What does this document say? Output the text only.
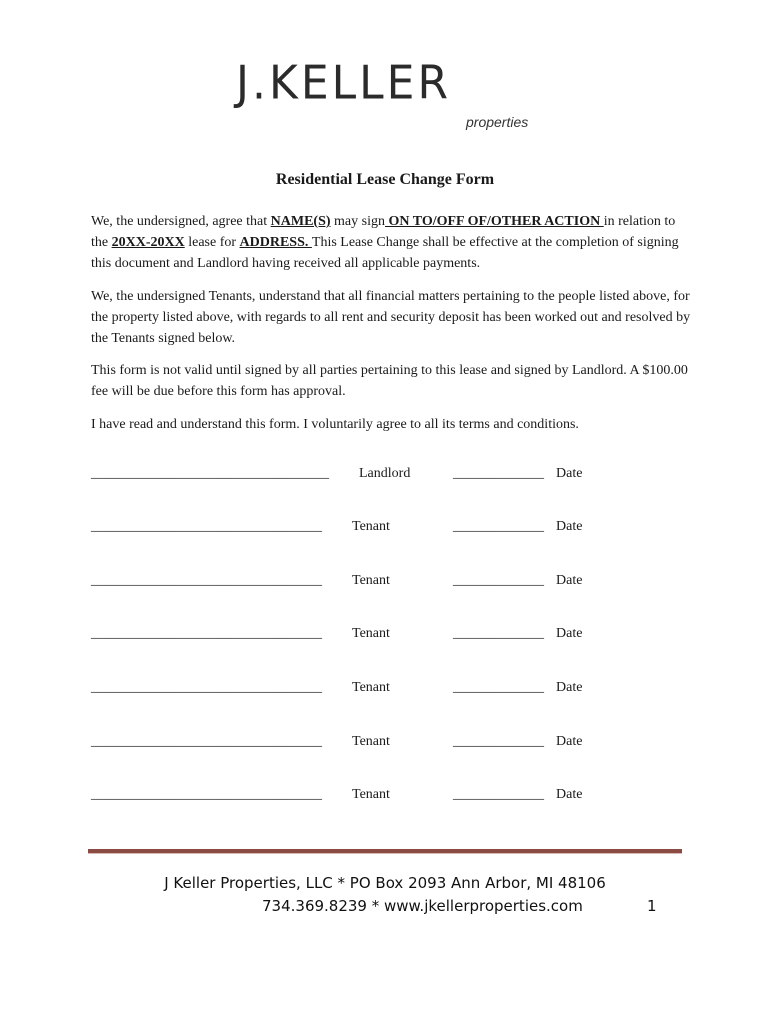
J.KELLER
properties
Residential Lease Change Form
We, the undersigned, agree that NAME(S) may sign ON TO/OFF OF/OTHER ACTION in relation to the 20XX-20XX lease for ADDRESS. This Lease Change shall be effective at the completion of signing this document and Landlord having received all applicable payments.
We, the undersigned Tenants, understand that all financial matters pertaining to the people listed above, for the property listed above, with regards to all rent and security deposit has been worked out and resolved by the Tenants signed below.
This form is not valid until signed by all parties pertaining to this lease and signed by Landlord. A $100.00 fee will be due before this form has approval.
I have read and understand this form. I voluntarily agree to all its terms and conditions.
__________________________________ Landlord	_____________ Date
_________________________________ Tenant	_____________ Date
_________________________________ Tenant	_____________ Date
_________________________________ Tenant	_____________ Date
_________________________________ Tenant	_____________ Date
_________________________________ Tenant	_____________ Date
_________________________________ Tenant	_____________ Date
J Keller Properties, LLC * PO Box 2093 Ann Arbor, MI 48106
734.369.8239 * www.jkellerproperties.com	1
